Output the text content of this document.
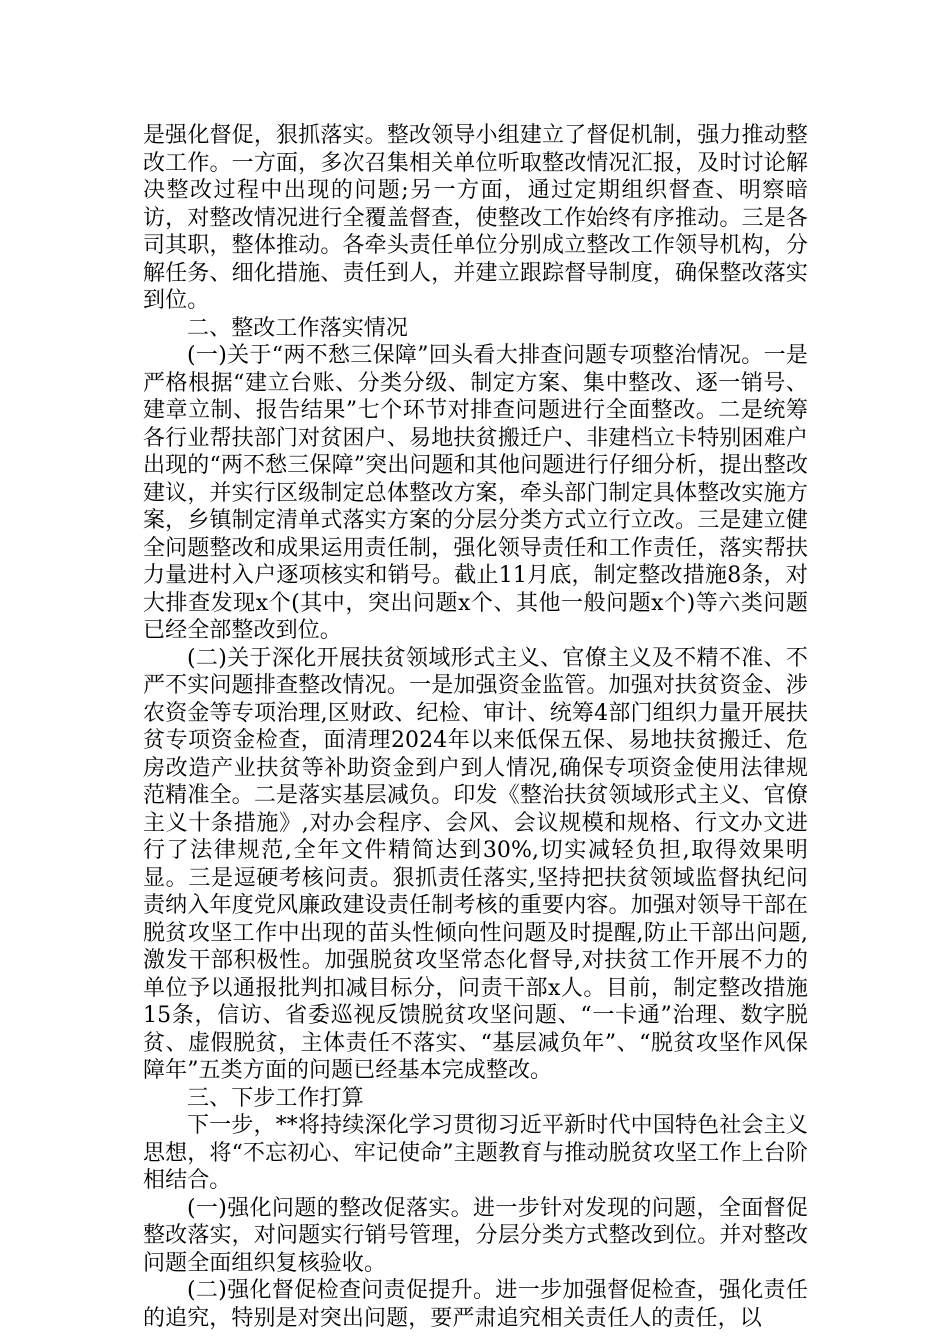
是强化督促，狠抓落实。整改领导小组建立了督促机制，强力推动整改工作。一方面，多次召集相关单位听取整改情况汇报，及时讨论解决整改过程中出现的问题;另一方面，通过定期组织督查、明察暗访，对整改情况进行全覆盖督查，使整改工作始终有序推动。三是各司其职，整体推动。各牵头责任单位分别成立整改工作领导机构，分解任务、细化措施、责任到人，并建立跟踪督导制度，确保整改落实到位。

二、整改工作落实情况

(一)关于“两不愁三保障”回头看大排查问题专项整治情况。一是严格根据“建立台账、分类分级、制定方案、集中整改、逐一销号、建章立制、报告结果”七个环节对排查问题进行全面整改。二是统筹各行业帮扶部门对贫困户、易地扶贫搬迁户、非建档立卡特别困难户出现的“两不愁三保障”突出问题和其他问题进行仔细分析，提出整改建议，并实行区级制定总体整改方案，牵头部门制定具体整改实施方案，乡镇制定清单式落实方案的分层分类方式立行立改。三是建立健全问题整改和成果运用责任制，强化领导责任和工作责任，落实帮扶力量进村入户逐项核实和销号。截止11月底，制定整改措施8条，对大排查发现x个(其中，突出问题x个、其他一般问题x个)等六类问题已经全部整改到位。

(二)关于深化开展扶贫领域形式主义、官僚主义及不精不准、不严不实问题排查整改情况。一是加强资金监管。加强对扶贫资金、涉农资金等专项治理,区财政、纪检、审计、统筹4部门组织力量开展扶贫专项资金检查，面清理2024年以来低保五保、易地扶贫搬迁、危房改造产业扶贫等补助资金到户到人情况,确保专项资金使用法律规范精准全。二是落实基层减负。印发《整治扶贫领域形式主义、官僚主义十条措施》,对办会程序、会风、会议规模和规格、行文办文进行了法律规范,全年文件精简达到30%,切实减轻负担,取得效果明显。三是逗硬考核问责。狠抓责任落实,坚持把扶贫领域监督执纪问责纳入年度党风廉政建设责任制考核的重要内容。加强对领导干部在脱贫攻坚工作中出现的苗头性倾向性问题及时提醒,防止干部出问题,激发干部积极性。加强脱贫攻坚常态化督导,对扶贫工作开展不力的单位予以通报批判扣减目标分，问责干部x人。目前，制定整改措施15条，信访、省委巡视反馈脱贫攻坚问题、“一卡通”治理、数字脱贫、虚假脱贫，主体责任不落实、“基层减负年”、“脱贫攻坚作风保障年”五类方面的问题已经基本完成整改。

三、下步工作打算

下一步，**将持续深化学习贯彻习近平新时代中国特色社会主义思想，将“不忘初心、牢记使命”主题教育与推动脱贫攻坚工作上台阶相结合。

(一)强化问题的整改促落实。进一步针对发现的问题，全面督促整改落实，对问题实行销号管理，分层分类方式整改到位。并对整改问题全面组织复核验收。

(二)强化督促检查问责促提升。进一步加强督促检查，强化责任的追究，特别是对突出问题，要严肃追究相关责任人的责任，以
